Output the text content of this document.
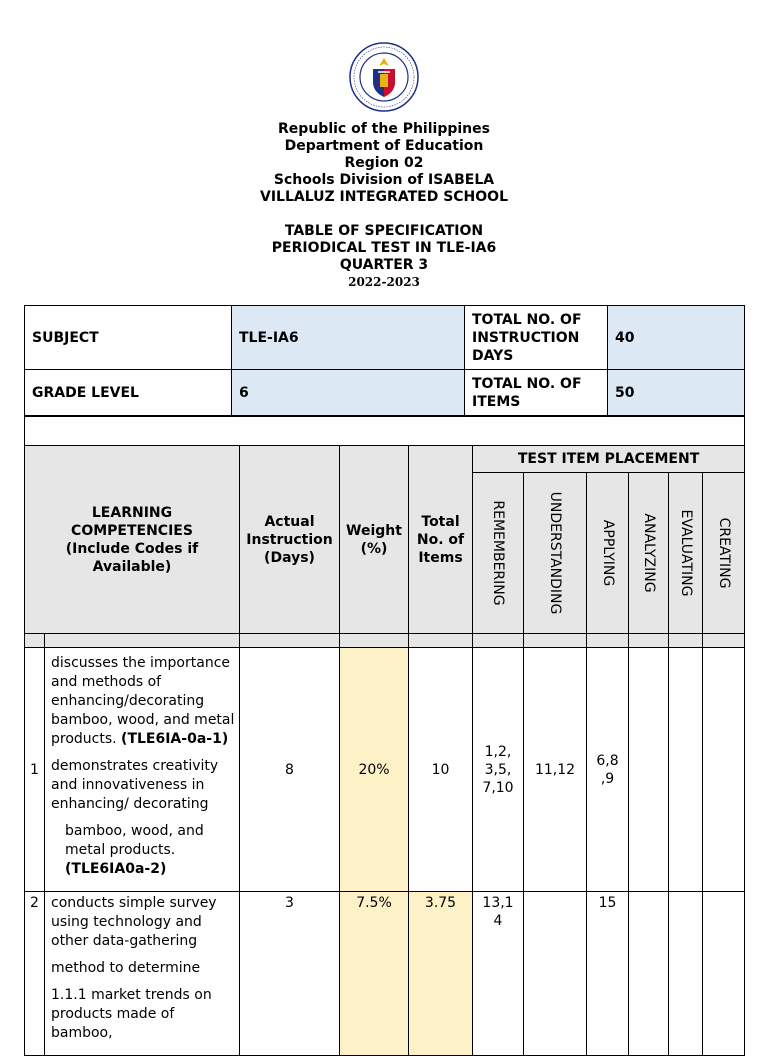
Republic of the Philippines
Department of Education
Region 02
Schools Division of ISABELA
VILLALUZ INTEGRATED SCHOOL
TABLE OF SPECIFICATION
PERIODICAL TEST IN TLE-IA6
QUARTER 3
2022-2023
SUBJECT	TLE-IA6	TOTAL NO. OF INSTRUCTION DAYS	40
GRADE LEVEL	6	TOTAL NO. OF ITEMS	50

LEARNING COMPETENCIES (Include Codes if Available)		Actual Instruction (Days)	Weight (%)	Total No. of Items	TEST ITEM PLACEMENT					

					REMEMBERING	UNDERSTANDING	APPLYING	ANALYZING	EVALUATING	CREATING

1	discusses the importance and methods of enhancing/decorating bamboo, wood, and metal products. (TLE6IA-0a-1)

demonstrates creativity and innovativeness in enhancing/ decorating

bamboo, wood, and metal products. (TLE6IA0a-2)	8	20%	10	1,2, 3,5, 7,10	11,12	6,8 ,9			
2	conducts simple survey using technology and other data-gathering

method to determine

1.1.1 market trends on products made of bamboo,	3	7.5%	3.75	13,1 4		15			
